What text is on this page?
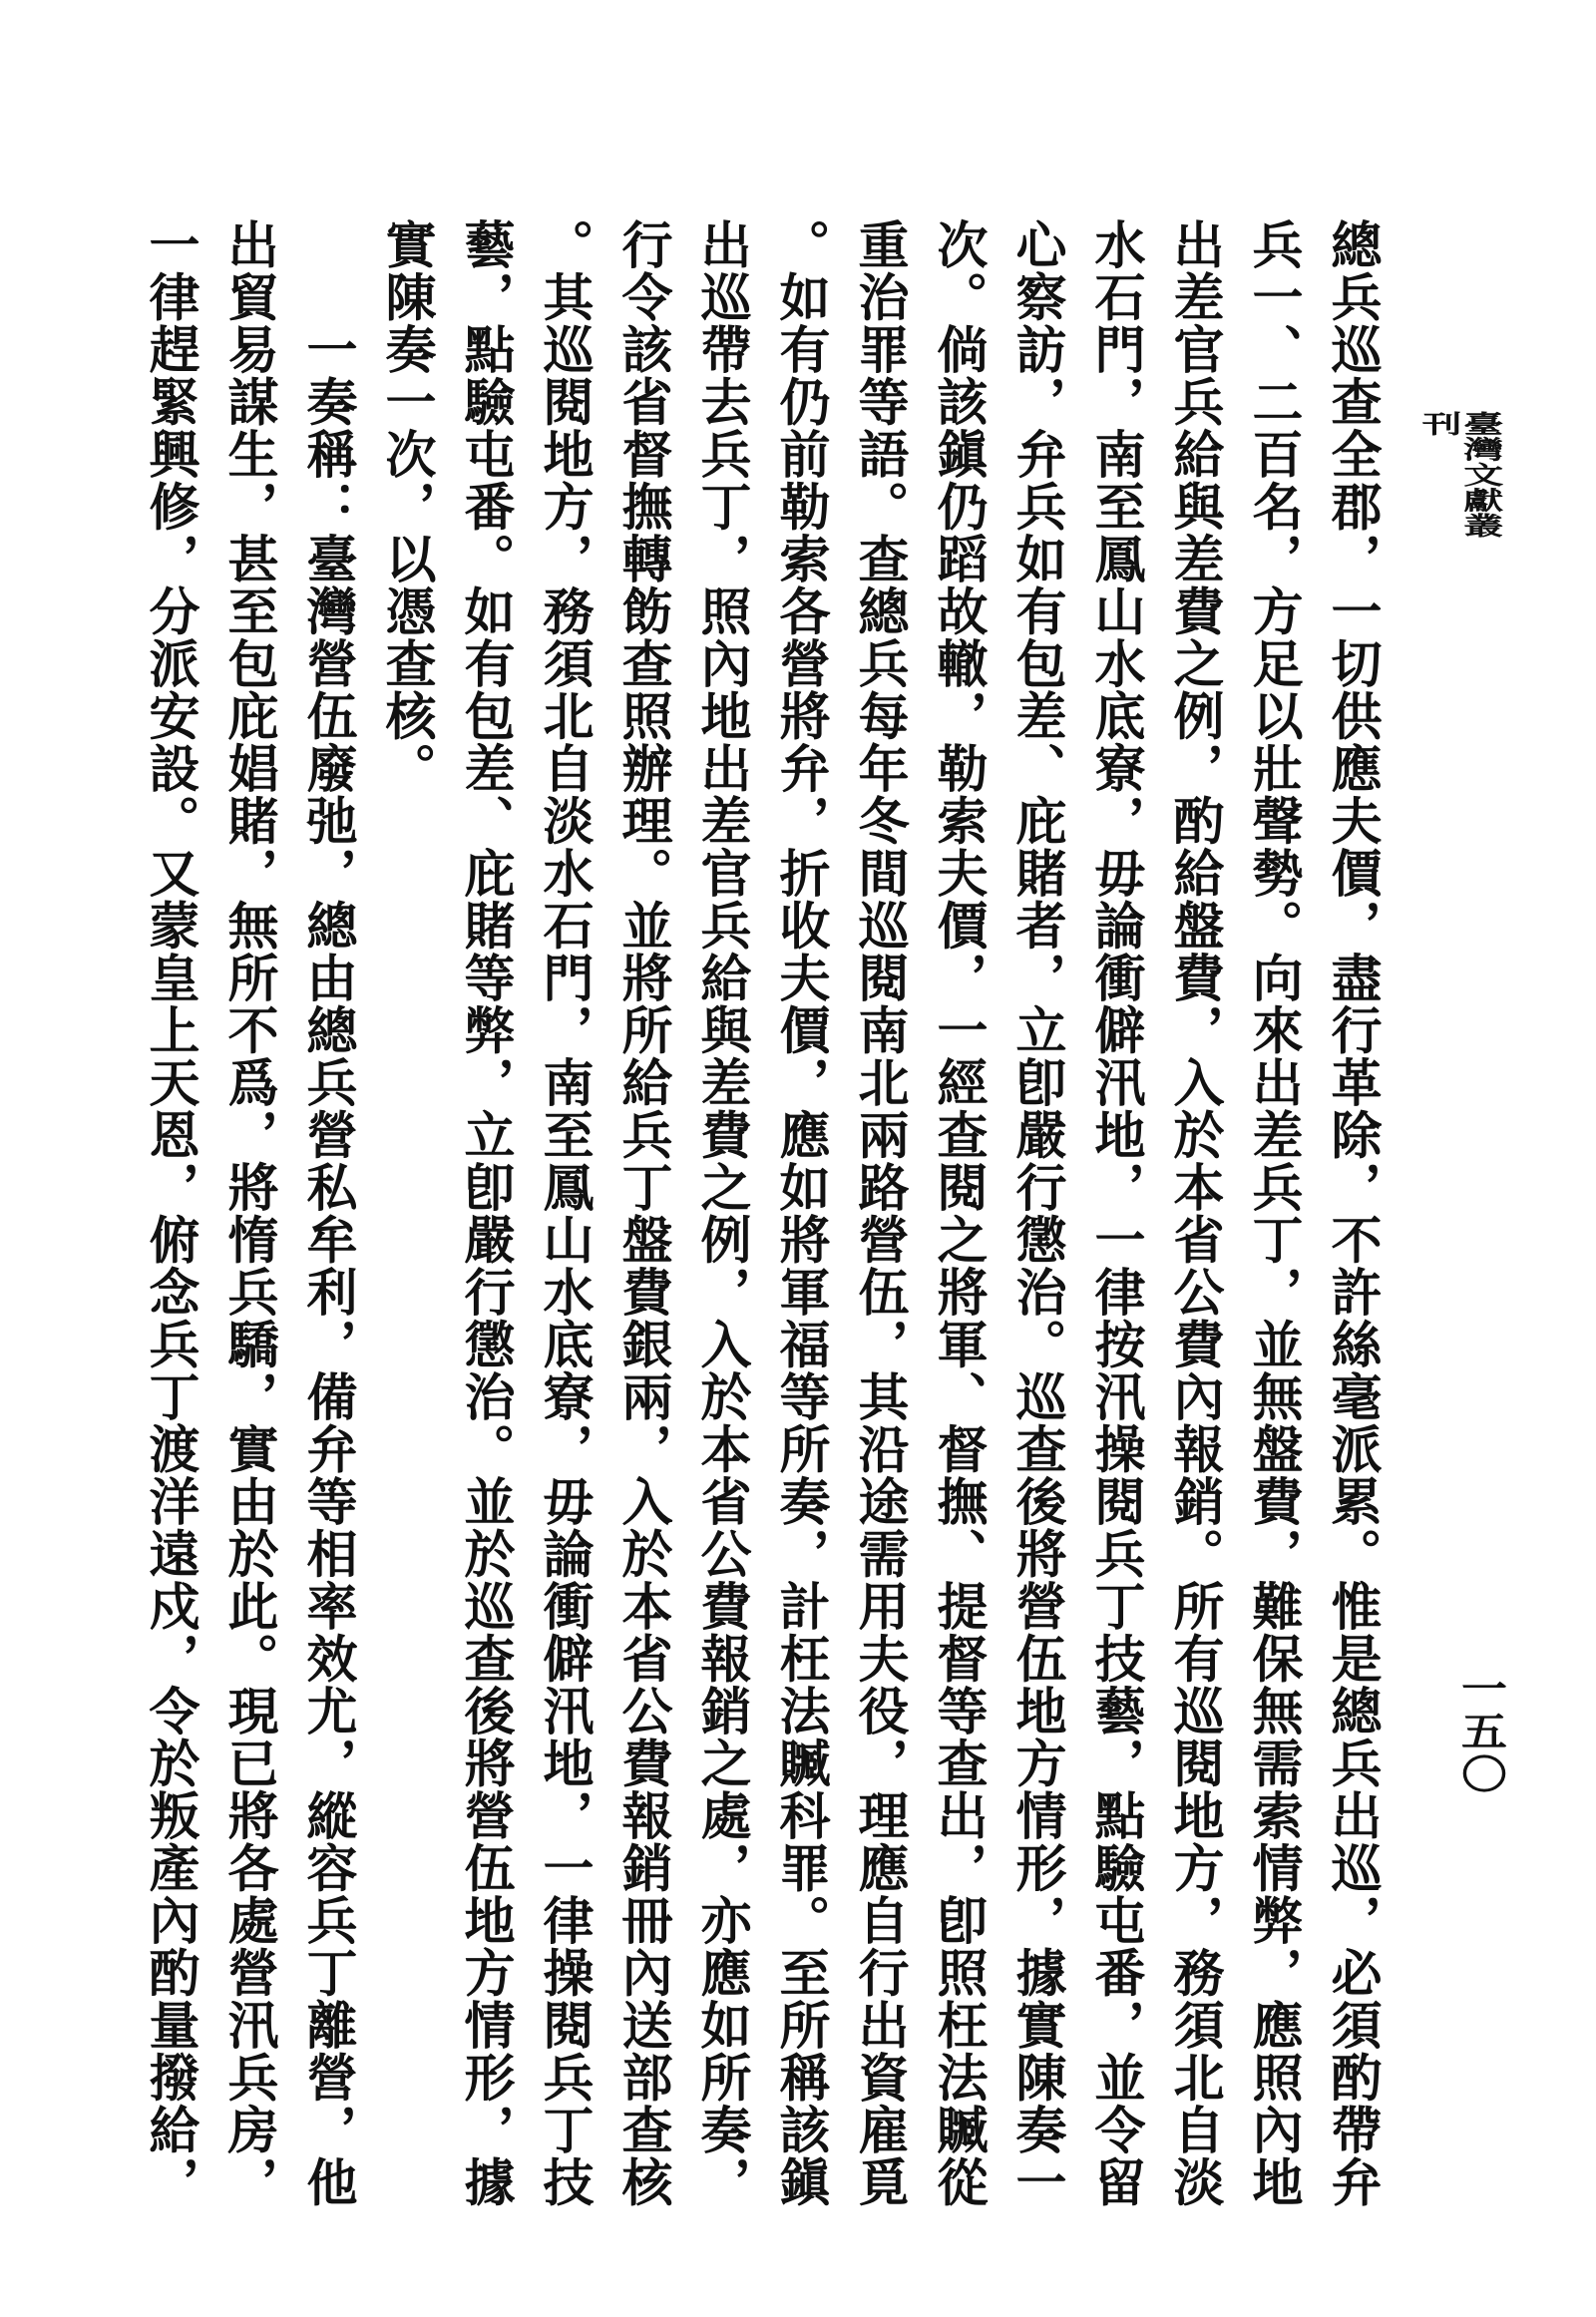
臺灣文獻叢刊
一五〇
總兵巡查全郡，一切供應夫價，盡行革除，不許絲毫派累。惟是總兵出巡，必須酌帶弁
兵一、二百名，方足以壯聲勢。向來出差兵丁，並無盤費，難保無需索情弊，應照內地
出差官兵給與差費之例，酌給盤費，入於本省公費內報銷。所有巡閱地方，務須北自淡
水石門，南至鳳山水底寮，毋論衝僻汛地，一律按汛操閱兵丁技藝，點驗屯番，並令留
心察訪，弁兵如有包差、庇賭者，立卽嚴行懲治。巡查後將營伍地方情形，據實陳奏一
次。倘該鎭仍蹈故轍，勒索夫價，一經查閱之將軍、督撫、提督等查出，卽照枉法贓從
重治罪等語。查總兵每年冬間巡閱南北兩路營伍，其沿途需用夫役，理應自行出資雇覓
。如有仍前勒索各營將弁，折收夫價，應如將軍福等所奏，計枉法贓科罪。至所稱該鎭
出巡帶去兵丁，照內地出差官兵給與差費之例，入於本省公費報銷之處，亦應如所奏，
行令該省督撫轉飭查照辦理。並將所給兵丁盤費銀兩，入於本省公費報銷冊內送部查核
。其巡閱地方，務須北自淡水石門，南至鳳山水底寮，毋論衝僻汛地，一律操閱兵丁技
藝，點驗屯番。如有包差、庇賭等弊，立卽嚴行懲治。並於巡查後將營伍地方情形，據
實陳奏一次，以憑查核。
一奏稱：臺灣營伍廢弛，總由總兵營私牟利，備弁等相率效尤，縱容兵丁離營，他
出貿易謀生，甚至包庇娼賭，無所不爲，將惰兵驕，實由於此。現已將各處營汛兵房，
一律趕緊興修，分派安設。又蒙皇上天恩，俯念兵丁渡洋遠戍，令於叛產內酌量撥給，
